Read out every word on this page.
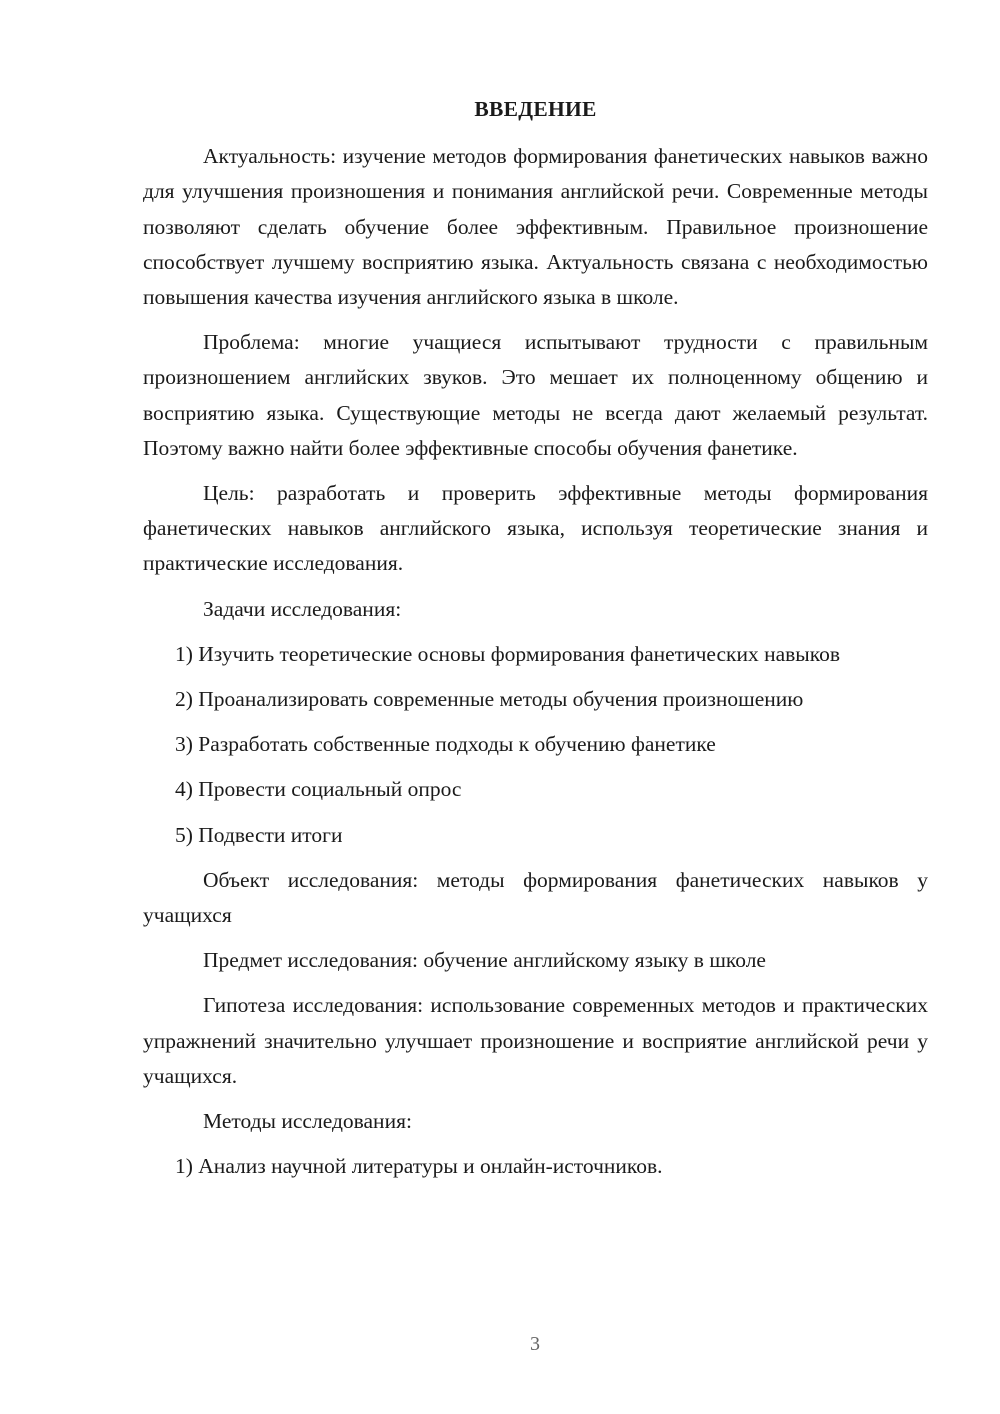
ВВЕДЕНИЕ

Актуальность: изучение методов формирования фанетических навыков важно для улучшения произношения и понимания английской речи. Современные методы позволяют сделать обучение более эффективным. Правильное произношение способствует лучшему восприятию языка. Актуальность связана с необходимостью повышения качества изучения английского языка в школе.

Проблема: многие учащиеся испытывают трудности с правильным произношением английских звуков. Это мешает их полноценному общению и восприятию языка. Существующие методы не всегда дают желаемый результат. Поэтому важно найти более эффективные способы обучения фанетике.

Цель: разработать и проверить эффективные методы формирования фанетических навыков английского языка, используя теоретические знания и практические исследования.

Задачи исследования:

1) Изучить теоретические основы формирования фанетических навыков

2) Проанализировать современные методы обучения произношению

3) Разработать собственные подходы к обучению фанетике

4) Провести социальный опрос

5) Подвести итоги

Объект исследования: методы формирования фанетических навыков у учащихся

Предмет исследования: обучение английскому языку в школе

Гипотеза исследования: использование современных методов и практических упражнений значительно улучшает произношение и восприятие английской речи у учащихся.

Методы исследования:

1) Анализ научной литературы и онлайн-источников.

3
